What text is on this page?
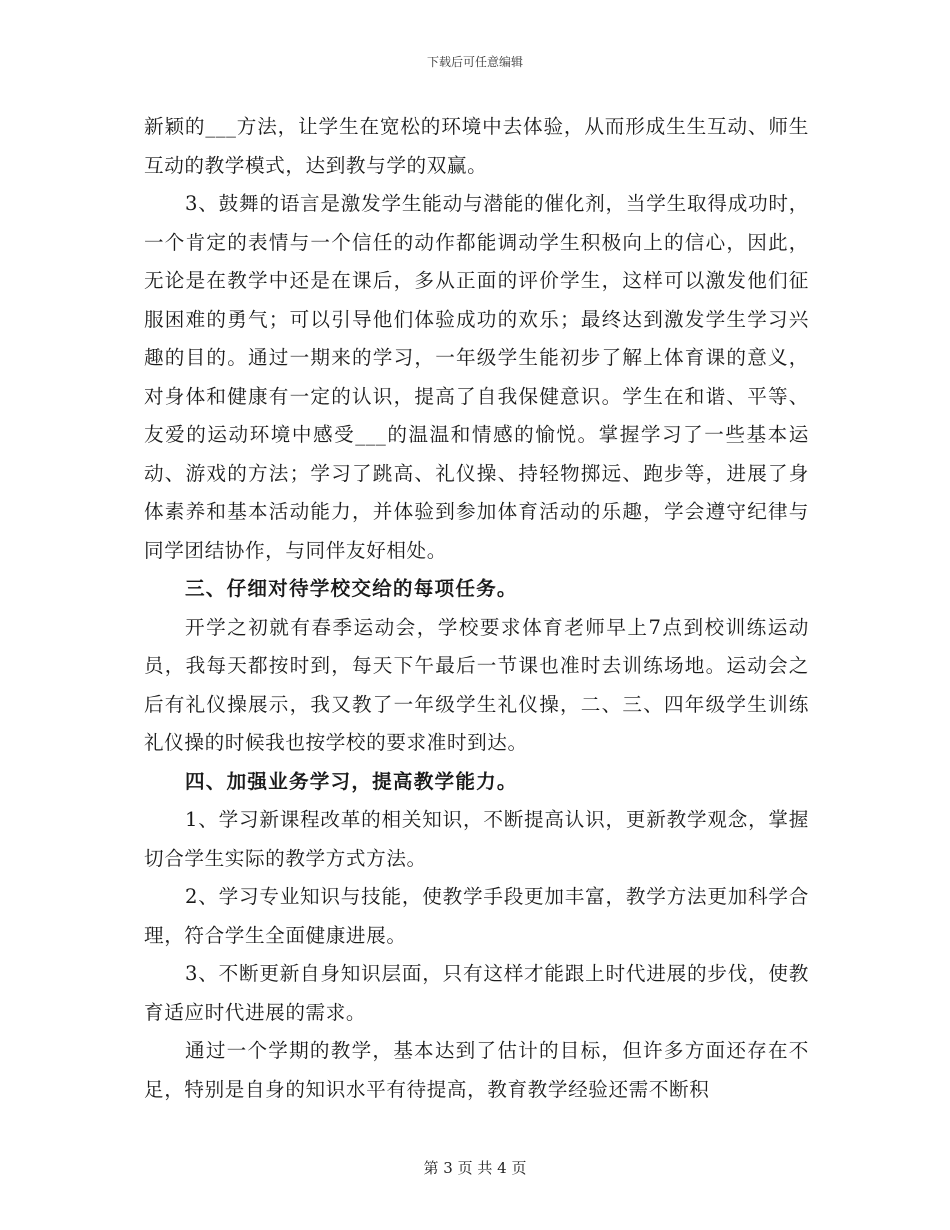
下载后可任意编辑

新颖的___方法，让学生在宽松的环境中去体验，从而形成生生互动、师生互动的教学模式，达到教与学的双赢。

3、鼓舞的语言是激发学生能动与潜能的催化剂，当学生取得成功时，一个肯定的表情与一个信任的动作都能调动学生积极向上的信心，因此，无论是在教学中还是在课后，多从正面的评价学生，这样可以激发他们征服困难的勇气；可以引导他们体验成功的欢乐；最终达到激发学生学习兴趣的目的。通过一期来的学习，一年级学生能初步了解上体育课的意义，对身体和健康有一定的认识，提高了自我保健意识。学生在和谐、平等、友爱的运动环境中感受___的温温和情感的愉悦。掌握学习了一些基本运动、游戏的方法；学习了跳高、礼仪操、持轻物掷远、跑步等，进展了身体素养和基本活动能力，并体验到参加体育活动的乐趣，学会遵守纪律与同学团结协作，与同伴友好相处。

三、仔细对待学校交给的每项任务。

开学之初就有春季运动会，学校要求体育老师早上7点到校训练运动员，我每天都按时到，每天下午最后一节课也准时去训练场地。运动会之后有礼仪操展示，我又教了一年级学生礼仪操，二、三、四年级学生训练礼仪操的时候我也按学校的要求准时到达。

四、加强业务学习，提高教学能力。

1、学习新课程改革的相关知识，不断提高认识，更新教学观念，掌握切合学生实际的教学方式方法。

2、学习专业知识与技能，使教学手段更加丰富，教学方法更加科学合理，符合学生全面健康进展。

3、不断更新自身知识层面，只有这样才能跟上时代进展的步伐，使教育适应时代进展的需求。

通过一个学期的教学，基本达到了估计的目标，但许多方面还存在不足，特别是自身的知识水平有待提高，教育教学经验还需不断积

第 3 页 共 4 页
